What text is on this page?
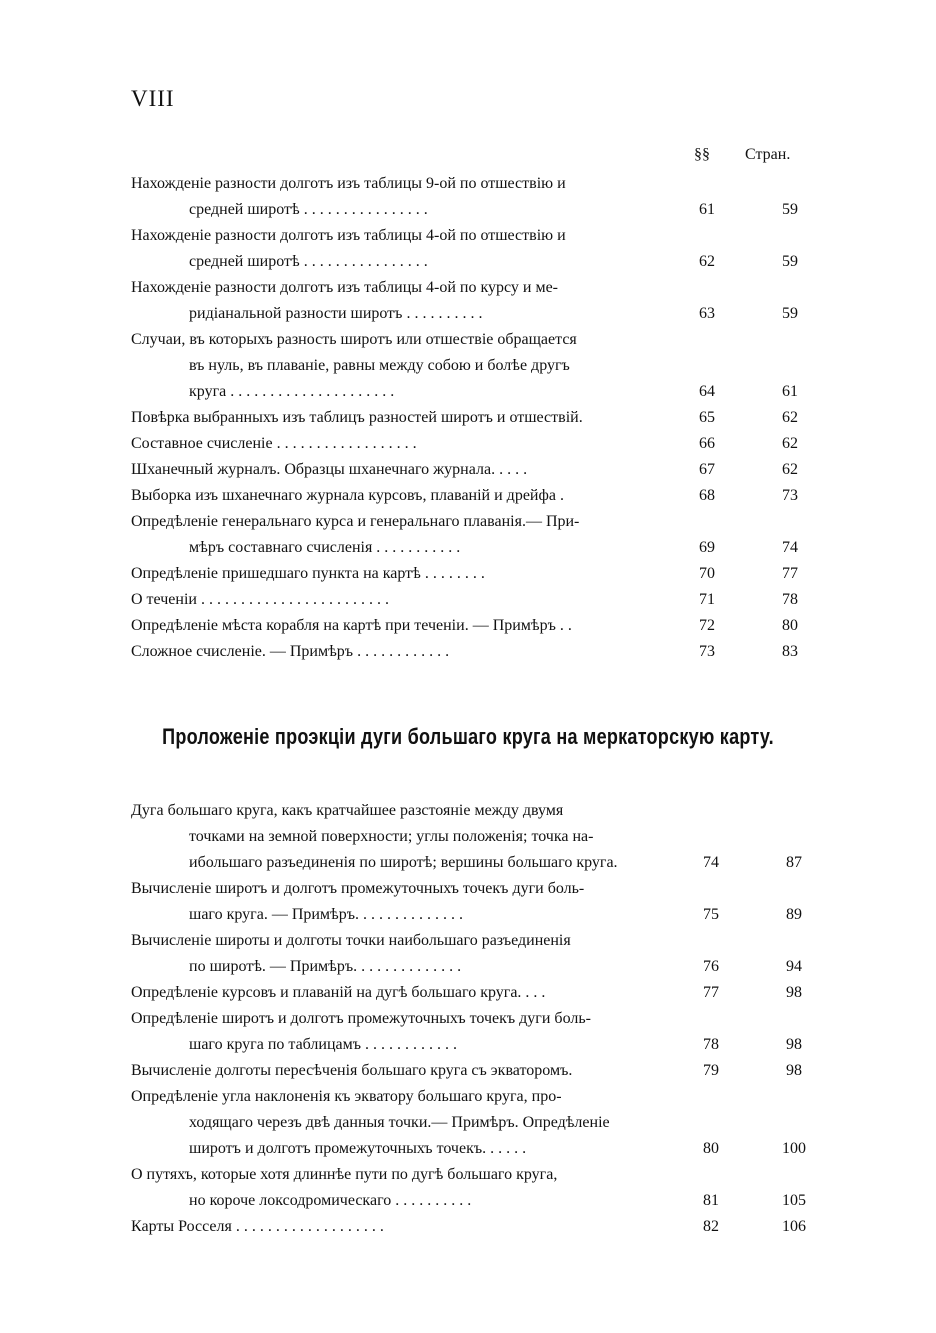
VIII
§§ Стран.
Нахожденiе разности долготъ изъ таблицы 9-ой по отшествiю и
средней широтѣ . . . . . . . . . . . . . . . .	61	59
Нахожденiе разности долготъ изъ таблицы 4-ой по отшествiю и
средней широтѣ . . . . . . . . . . . . . . . .	62	59
Нахожденiе разности долготъ изъ таблицы 4-ой по курсу и ме-
ридiанальной разности широтъ . . . . . . . . . .	63	59
Случаи, въ которыхъ разность широтъ или отшествiе обращается
въ нуль, въ плаванiе, равны между собою и болѣе другъ
круга . . . . . . . . . . . . . . . . . . . . .	64	61
Повѣрка выбранныхъ изъ таблицъ разностей широтъ и отшествiй.	65	62
Составное счисленiе . . . . . . . . . . . . . . . . . .	66	62
Шханечный журналъ. Образцы шханечнаго журнала. . . . .	67	62
Выборка изъ шханечнаго журнала курсовъ, плаванiй и дрейфа .	68	73
Опредѣленiе генеральнаго курса и генеральнаго плаванiя.— При-
мѣръ составнаго счисленiя . . . . . . . . . . .	69	74
Опредѣленiе пришедшаго пункта на картѣ . . . . . . . .	70	77
О теченiи . . . . . . . . . . . . . . . . . . . . . . . .	71	78
Опредѣленiе мѣста корабля на картѣ при теченiи. — Примѣръ . .	72	80
Сложное счисленiе. — Примѣръ . . . . . . . . . . . .	73	83
Проложенiе проэкцiи дуги большаго круга на меркаторскую карту.
Дуга большаго круга, какъ кратчайшее разстоянiе между двумя
точками на земной поверхности; углы положенiя; точка на-
ибольшаго разъединенiя по широтѣ; вершины большаго круга.	74	87
Вычисленiе широтъ и долготъ промежуточныхъ точекъ дуги боль-
шаго круга. — Примѣръ. . . . . . . . . . . . . .	75	89
Вычисленiе широты и долготы точки наибольшаго разъединенiя
по широтѣ. — Примѣръ. . . . . . . . . . . . . .	76	94
Опредѣленiе курсовъ и плаванiй на дугѣ большаго круга. . . .	77	98
Опредѣленiе широтъ и долготъ промежуточныхъ точекъ дуги боль-
шаго круга по таблицамъ . . . . . . . . . . . .	78	98
Вычисленiе долготы пересѣченiя большаго круга съ экваторомъ.	79	98
Опредѣленiе угла наклоненiя къ экватору большаго круга, про-
ходящаго черезъ двѣ данныя точки.— Примѣръ. Опредѣленiе
широтъ и долготъ промежуточныхъ точекъ. . . . . .	80	100
О путяхъ, которые хотя длиннѣе пути по дугѣ большаго круга,
но короче локсодромическаго . . . . . . . . . .	81	105
Карты Росселя . . . . . . . . . . . . . . . . . . .	82	106
